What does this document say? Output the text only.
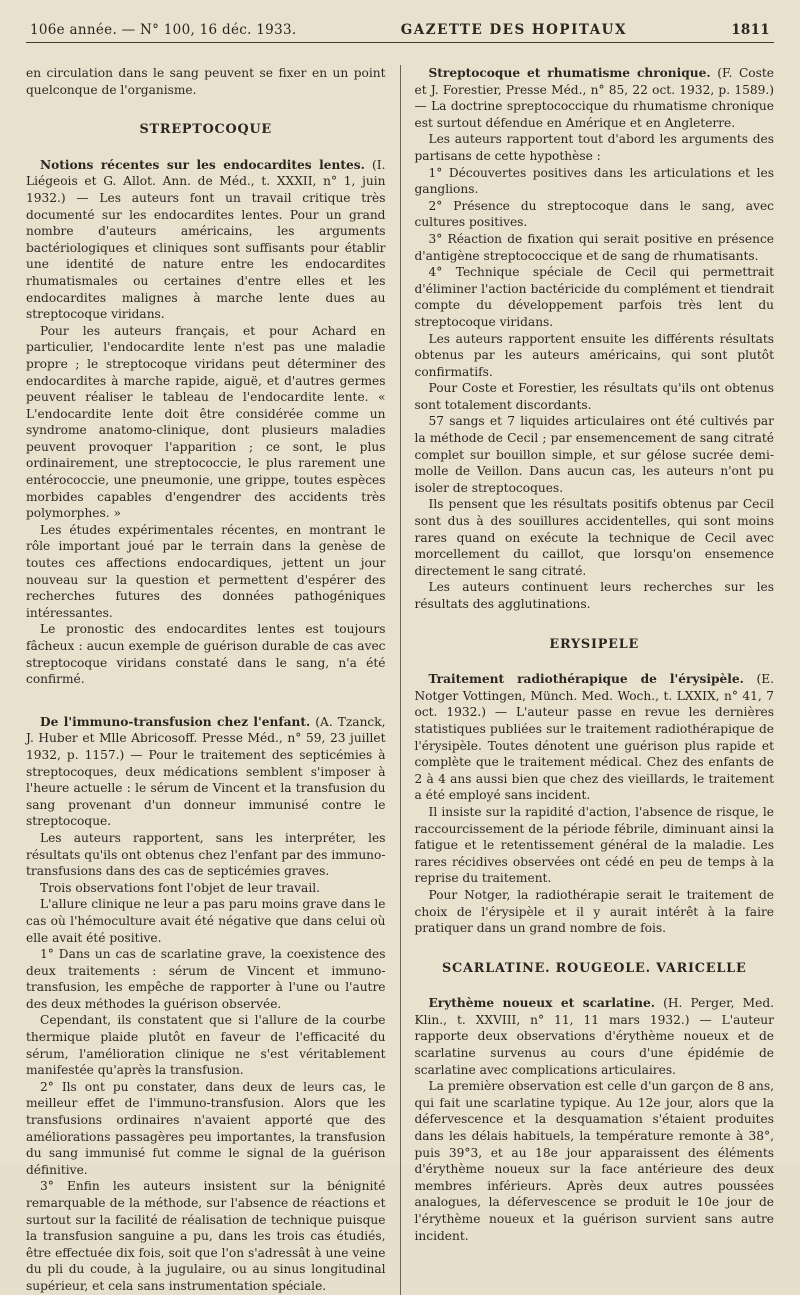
106e année. — N° 100, 16 déc. 1933.	GAZETTE DES HOPITAUX	1811

en circulation dans le sang peuvent se fixer en un point quelconque de l'organisme.

STREPTOCOQUE

Notions récentes sur les endocardites lentes. (I. Liégeois et G. Allot. Ann. de Méd., t. XXXII, n° 1, juin 1932.) — Les auteurs font un travail critique très documenté sur les endocardites lentes. Pour un grand nombre d'auteurs américains, les arguments bactériologiques et cliniques sont suffisants pour établir une identité de nature entre les endocardites rhumatismales ou certaines d'entre elles et les endocardites malignes à marche lente dues au streptocoque viridans.

Pour les auteurs français, et pour Achard en particulier, l'endocardite lente n'est pas une maladie propre ; le streptocoque viridans peut déterminer des endocardites à marche rapide, aiguë, et d'autres germes peuvent réaliser le tableau de l'endocardite lente. « L'endocardite lente doit être considérée comme un syndrome anatomo-clinique, dont plusieurs maladies peuvent provoquer l'apparition ; ce sont, le plus ordinairement, une streptococcie, le plus rarement une entérococcie, une pneumonie, une grippe, toutes espèces morbides capables d'engendrer des accidents très polymorphes. »

Les études expérimentales récentes, en montrant le rôle important joué par le terrain dans la genèse de toutes ces affections endocardiques, jettent un jour nouveau sur la question et permettent d'espérer des recherches futures des données pathogéniques intéressantes.

Le pronostic des endocardites lentes est toujours fâcheux : aucun exemple de guérison durable de cas avec streptocoque viridans constaté dans le sang, n'a été confirmé.

De l'immuno-transfusion chez l'enfant. (A. Tzanck, J. Huber et Mlle Abricosoff. Presse Méd., n° 59, 23 juillet 1932, p. 1157.) — Pour le traitement des septicémies à streptocoques, deux médications semblent s'imposer à l'heure actuelle : le sérum de Vincent et la transfusion du sang provenant d'un donneur immunisé contre le streptocoque.

Les auteurs rapportent, sans les interpréter, les résultats qu'ils ont obtenus chez l'enfant par des immuno-transfusions dans des cas de septicémies graves.

Trois observations font l'objet de leur travail.

L'allure clinique ne leur a pas paru moins grave dans le cas où l'hémoculture avait été négative que dans celui où elle avait été positive.

1° Dans un cas de scarlatine grave, la coexistence des deux traitements : sérum de Vincent et immuno-transfusion, les empêche de rapporter à l'une ou l'autre des deux méthodes la guérison observée.

Cependant, ils constatent que si l'allure de la courbe thermique plaide plutôt en faveur de l'efficacité du sérum, l'amélioration clinique ne s'est véritablement manifestée qu'après la transfusion.

2° Ils ont pu constater, dans deux de leurs cas, le meilleur effet de l'immuno-transfusion. Alors que les transfusions ordinaires n'avaient apporté que des améliorations passagères peu importantes, la transfusion du sang immunisé fut comme le signal de la guérison définitive.

3° Enfin les auteurs insistent sur la bénignité remarquable de la méthode, sur l'absence de réactions et surtout sur la facilité de réalisation de technique puisque la transfusion sanguine a pu, dans les trois cas étudiés, être effectuée dix fois, soit que l'on s'adressât à une veine du pli du coude, à la jugulaire, ou au sinus longitudinal supérieur, et cela sans instrumentation spéciale.

Streptocoque et rhumatisme chronique. (F. Coste et J. Forestier, Presse Méd., n° 85, 22 oct. 1932, p. 1589.) — La doctrine spreptococcique du rhumatisme chronique est surtout défendue en Amérique et en Angleterre.

Les auteurs rapportent tout d'abord les arguments des partisans de cette hypothèse :

1° Découvertes positives dans les articulations et les ganglions.

2° Présence du streptocoque dans le sang, avec cultures positives.

3° Réaction de fixation qui serait positive en présence d'antigène streptococcique et de sang de rhumatisants.

4° Technique spéciale de Cecil qui permettrait d'éliminer l'action bactéricide du complément et tiendrait compte du développement parfois très lent du streptocoque viridans.

Les auteurs rapportent ensuite les différents résultats obtenus par les auteurs américains, qui sont plutôt confirmatifs.

Pour Coste et Forestier, les résultats qu'ils ont obtenus sont totalement discordants.

57 sangs et 7 liquides articulaires ont été cultivés par la méthode de Cecil ; par ensemencement de sang citraté complet sur bouillon simple, et sur gélose sucrée demi-molle de Veillon. Dans aucun cas, les auteurs n'ont pu isoler de streptocoques.

Ils pensent que les résultats positifs obtenus par Cecil sont dus à des souillures accidentelles, qui sont moins rares quand on exécute la technique de Cecil avec morcellement du caillot, que lorsqu'on ensemence directement le sang citraté.

Les auteurs continuent leurs recherches sur les résultats des agglutinations.

ERYSIPELE

Traitement radiothérapique de l'érysipèle. (E. Notger Vottingen, Münch. Med. Woch., t. LXXIX, n° 41, 7 oct. 1932.) — L'auteur passe en revue les dernières statistiques publiées sur le traitement radiothérapique de l'érysipèle. Toutes dénotent une guérison plus rapide et complète que le traitement médical. Chez des enfants de 2 à 4 ans aussi bien que chez des vieillards, le traitement a été employé sans incident.

Il insiste sur la rapidité d'action, l'absence de risque, le raccourcissement de la période fébrile, diminuant ainsi la fatigue et le retentissement général de la maladie. Les rares récidives observées ont cédé en peu de temps à la reprise du traitement.

Pour Notger, la radiothérapie serait le traitement de choix de l'érysipèle et il y aurait intérêt à la faire pratiquer dans un grand nombre de fois.

SCARLATINE. ROUGEOLE. VARICELLE

Erythème noueux et scarlatine. (H. Perger, Med. Klin., t. XXVIII, n° 11, 11 mars 1932.) — L'auteur rapporte deux observations d'érythème noueux et de scarlatine survenus au cours d'une épidémie de scarlatine avec complications articulaires.

La première observation est celle d'un garçon de 8 ans, qui fait une scarlatine typique. Au 12e jour, alors que la défervescence et la desquamation s'étaient produites dans les délais habituels, la température remonte à 38°, puis 39°3, et au 18e jour apparaissent des éléments d'érythème noueux sur la face antérieure des deux membres inférieurs. Après deux autres poussées analogues, la défervescence se produit le 10e jour de l'érythème noueux et la guérison survient sans autre incident.
